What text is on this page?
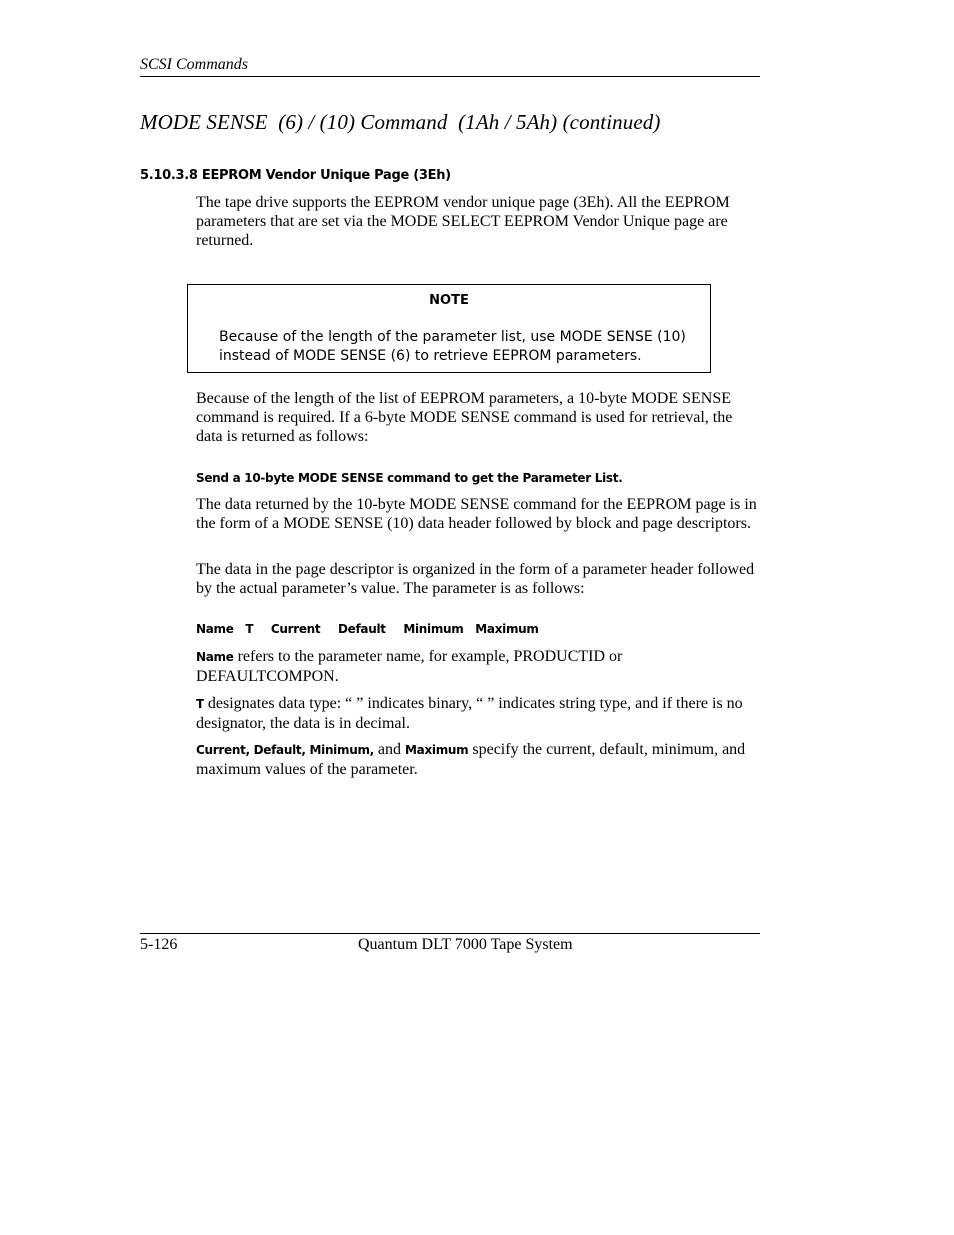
SCSI Commands
MODE SENSE  (6) / (10) Command  (1Ah / 5Ah) (continued)
5.10.3.8 EEPROM Vendor Unique Page (3Eh)
The tape drive supports the EEPROM vendor unique page (3Eh). All the EEPROM parameters that are set via the MODE SELECT EEPROM Vendor Unique page are returned.
NOTE
Because of the length of the parameter list, use MODE SENSE (10) instead of MODE SENSE (6) to retrieve EEPROM parameters.
Because of the length of the list of EEPROM parameters, a 10-byte MODE SENSE command is required. If a 6-byte MODE SENSE command is used for retrieval, the data is returned as follows:
Send a 10-byte MODE SENSE command to get the Parameter List.
The data returned by the 10-byte MODE SENSE command for the EEPROM page is in the form of a MODE SENSE (10) data header followed by block and page descriptors.
The data in the page descriptor is organized in the form of a parameter header followed by the actual parameter’s value. The parameter is as follows:
Name  T   Current   Default   Minimum  Maximum
Name refers to the parameter name, for example, PRODUCTID or DEFAULTCOMPON.
T designates data type: “ ” indicates binary, “ ” indicates string type, and if there is no designator, the data is in decimal.
Current, Default, Minimum, and Maximum specify the current, default, minimum, and maximum values of the parameter.
5-126	Quantum DLT 7000 Tape System
